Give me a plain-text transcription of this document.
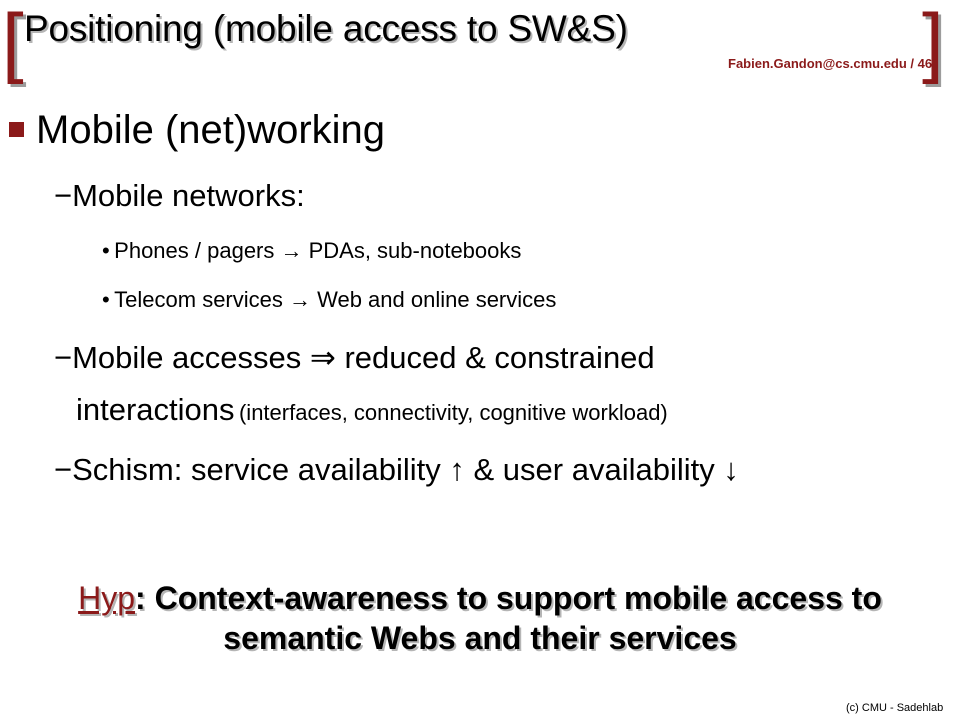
[ Positioning (mobile access to SW&S)	]
Fabien.Gandon@cs.cmu.edu / 46
Mobile (net)working
−Mobile networks:
• Phones / pagers → PDAs, sub-notebooks
• Telecom services → Web and online services
−Mobile accesses ⇒ reduced & constrained
interactions (interfaces, connectivity, cognitive workload)
−Schism: service availability ↑ & user availability ↓
Hyp: Context-awareness to support mobile access to
semantic Webs and their services
(c) CMU - Sadehlab
